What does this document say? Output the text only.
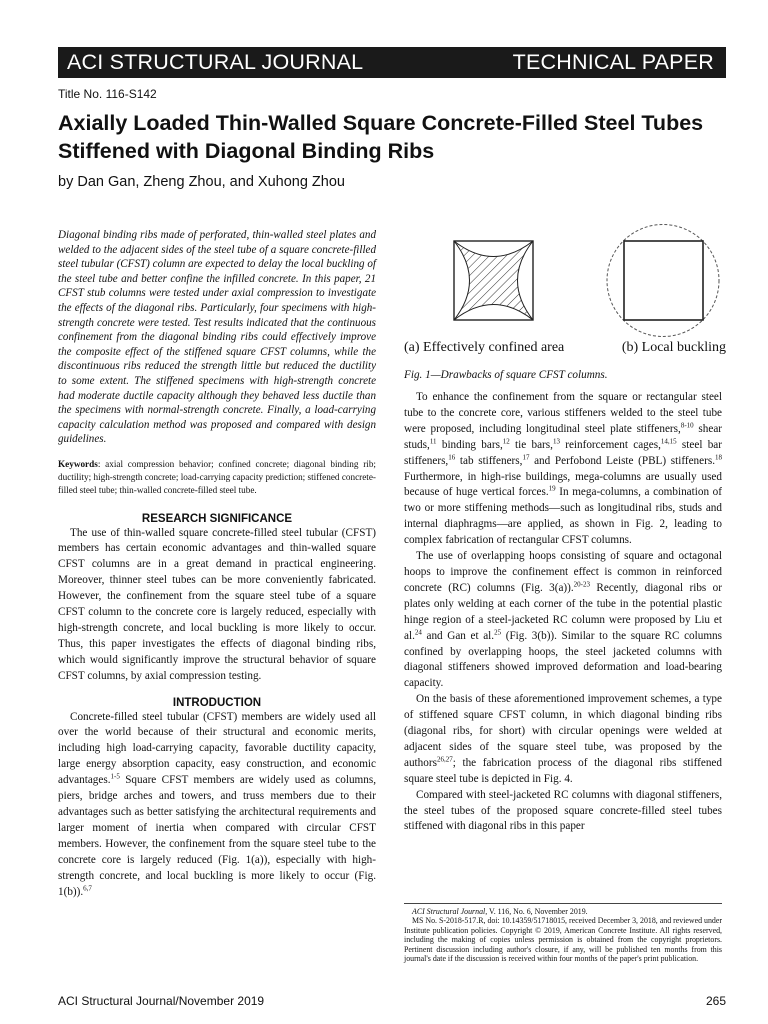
ACI STRUCTURAL JOURNAL	TECHNICAL PAPER
Title No. 116-S142
Axially Loaded Thin-Walled Square Concrete-Filled Steel Tubes Stiffened with Diagonal Binding Ribs
by Dan Gan, Zheng Zhou, and Xuhong Zhou

Diagonal binding ribs made of perforated, thin-walled steel plates and welded to the adjacent sides of the steel tube of a square concrete-filled steel tubular (CFST) column are expected to delay the local buckling of the steel tube and better confine the infilled concrete. In this paper, 21 CFST stub columns were tested under axial compression to investigate the effects of the diagonal ribs. Particularly, four specimens with high-strength concrete were tested. Test results indicated that the continuous confinement from the diagonal binding ribs could effectively improve the composite effect of the stiffened square CFST columns, while the discontinuous ribs reduced the strength little but reduced the ductility to some extent. The stiffened specimens with high-strength concrete had moderate ductile capacity although they behaved less ductile than the specimens with normal-strength concrete. Finally, a load-carrying capacity calculation method was proposed and compared with design guidelines.

Keywords: axial compression behavior; confined concrete; diagonal binding rib; ductility; high-strength concrete; load-carrying capacity prediction; stiffened concrete-filled steel tube; thin-walled concrete-filled steel tube.

RESEARCH SIGNIFICANCE

The use of thin-walled square concrete-filled steel tubular (CFST) members has certain economic advantages and thin-walled square CFST columns are in a great demand in practical engineering. Moreover, thinner steel tubes can be more conveniently fabricated. However, the confinement from the square steel tube of a square CFST column to the concrete core is largely reduced, especially with high-strength concrete, and local buckling is more likely to occur. Thus, this paper investigates the effects of diagonal binding ribs, which would significantly improve the structural behavior of square CFST columns, by axial compression testing.

INTRODUCTION

Concrete-filled steel tubular (CFST) members are widely used all over the world because of their structural and economic merits, including high load-carrying capacity, favorable ductility capacity, large energy absorption capacity, easy construction, and economic advantages.$^{1-5}$ Square CFST members are widely used as columns, piers, bridge arches and towers, and truss members due to their advantages such as better satisfying the architectural requirements and larger moment of inertia when compared with circular CFST members. However, the confinement from the square steel tube to the concrete core is largely reduced (Fig. 1(a)), especially with high-strength concrete, and local buckling is more likely to occur (Fig. 1(b)).$^{6,7}$

(a) Effectively confined area	(b) Local buckling
Fig. 1—Drawbacks of square CFST columns.

To enhance the confinement from the square or rectangular steel tube to the concrete core, various stiffeners welded to the steel tube were proposed, including longitudinal steel plate stiffeners,$^{8-10}$ shear studs,$^{11}$ binding bars,$^{12}$ tie bars,$^{13}$ reinforcement cages,$^{14,15}$ steel bar stiffeners,$^{16}$ tab stiffeners,$^{17}$ and Perfobond Leiste (PBL) stiffeners.$^{18}$ Furthermore, in high-rise buildings, mega-columns are usually used because of huge vertical forces.$^{19}$ In mega-columns, a combination of two or more stiffening methods—such as longitudinal ribs, studs and internal diaphragms—are applied, as shown in Fig. 2, leading to complex fabrication of rectangular CFST columns.

The use of overlapping hoops consisting of square and octagonal hoops to improve the confinement effect is common in reinforced concrete (RC) columns (Fig. 3(a)).$^{20-23}$ Recently, diagonal ribs or plates only welding at each corner of the tube in the potential plastic hinge region of a steel-jacketed RC column were proposed by Liu et al.$^{24}$ and Gan et al.$^{25}$ (Fig. 3(b)). Similar to the square RC columns confined by overlapping hoops, the steel jacketed columns with diagonal stiffeners showed improved deformation and load-bearing capacity.

On the basis of these aforementioned improvement schemes, a type of stiffened square CFST column, in which diagonal binding ribs (diagonal ribs, for short) with circular openings were welded at adjacent sides of the square steel tube, was proposed by the authors$^{26,27}$; the fabrication process of the diagonal ribs stiffened square steel tube is depicted in Fig. 4.

Compared with steel-jacketed RC columns with diagonal stiffeners, the steel tubes of the proposed square concrete-filled steel tubes stiffened with diagonal ribs in this paper

ACI Structural Journal, V. 116, No. 6, November 2019.

MS No. S-2018-517.R, doi: 10.14359/51718015, received December 3, 2018, and reviewed under Institute publication policies. Copyright © 2019, American Concrete Institute. All rights reserved, including the making of copies unless permission is obtained from the copyright proprietors. Pertinent discussion including author's closure, if any, will be published ten months from this journal's date if the discussion is received within four months of the paper's print publication.

ACI Structural Journal/November 2019	265
